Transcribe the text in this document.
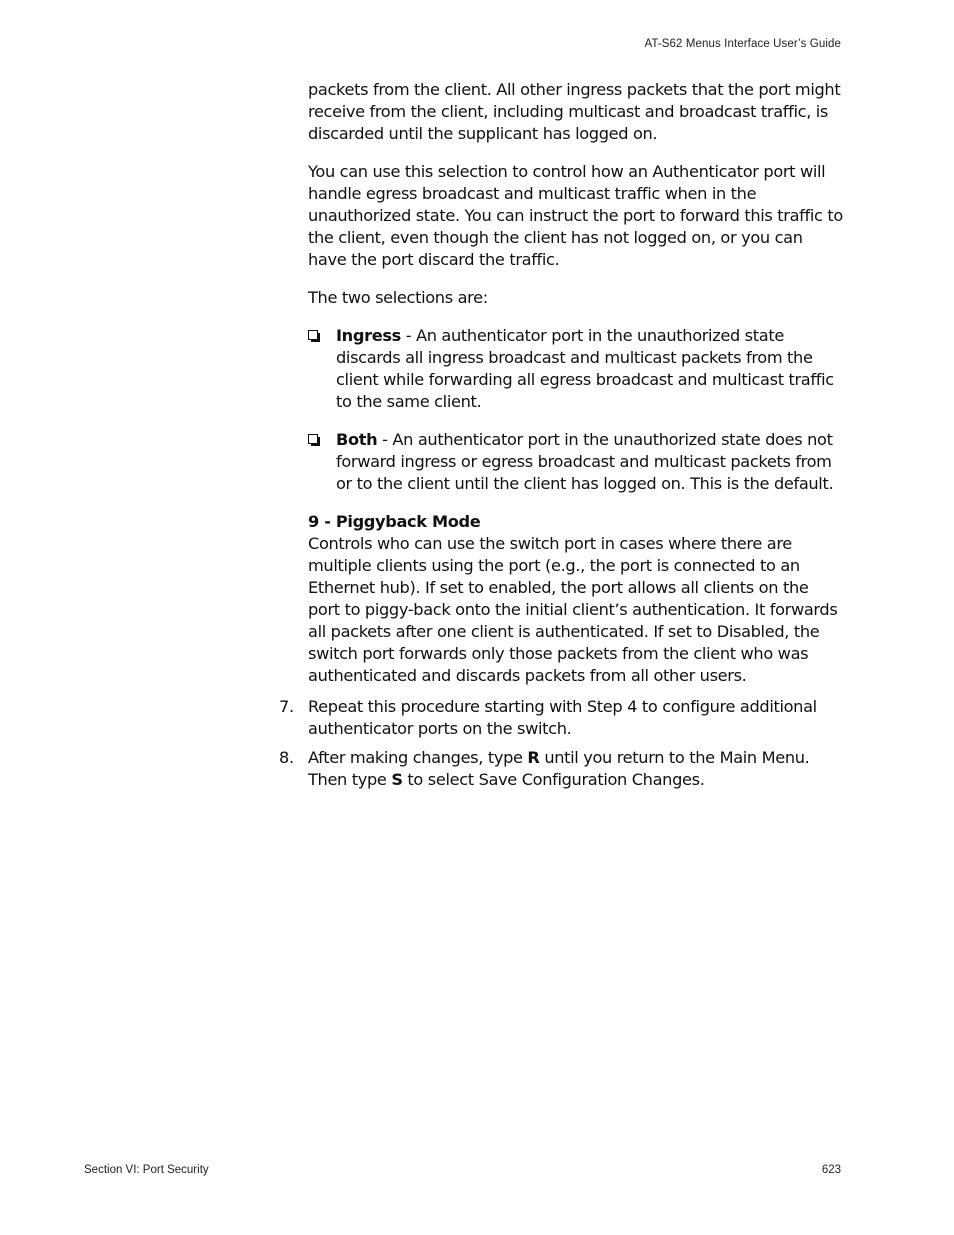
AT-S62 Menus Interface User’s Guide

packets from the client. All other ingress packets that the port might receive from the client, including multicast and broadcast traffic, is discarded until the supplicant has logged on.

You can use this selection to control how an Authenticator port will handle egress broadcast and multicast traffic when in the unauthorized state. You can instruct the port to forward this traffic to the client, even though the client has not logged on, or you can have the port discard the traffic.

The two selections are:

Ingress - An authenticator port in the unauthorized state discards all ingress broadcast and multicast packets from the client while forwarding all egress broadcast and multicast traffic to the same client.
Both - An authenticator port in the unauthorized state does not forward ingress or egress broadcast and multicast packets from or to the client until the client has logged on. This is the default.
9 - Piggyback Mode

Controls who can use the switch port in cases where there are multiple clients using the port (e.g., the port is connected to an Ethernet hub). If set to enabled, the port allows all clients on the port to piggy-back onto the initial client’s authentication. It forwards all packets after one client is authenticated. If set to Disabled, the switch port forwards only those packets from the client who was authenticated and discards packets from all other users.

7. Repeat this procedure starting with Step 4 to configure additional authenticator ports on the switch.
8. After making changes, type R until you return to the Main Menu. Then type S to select Save Configuration Changes.
Section VI: Port Security	623
